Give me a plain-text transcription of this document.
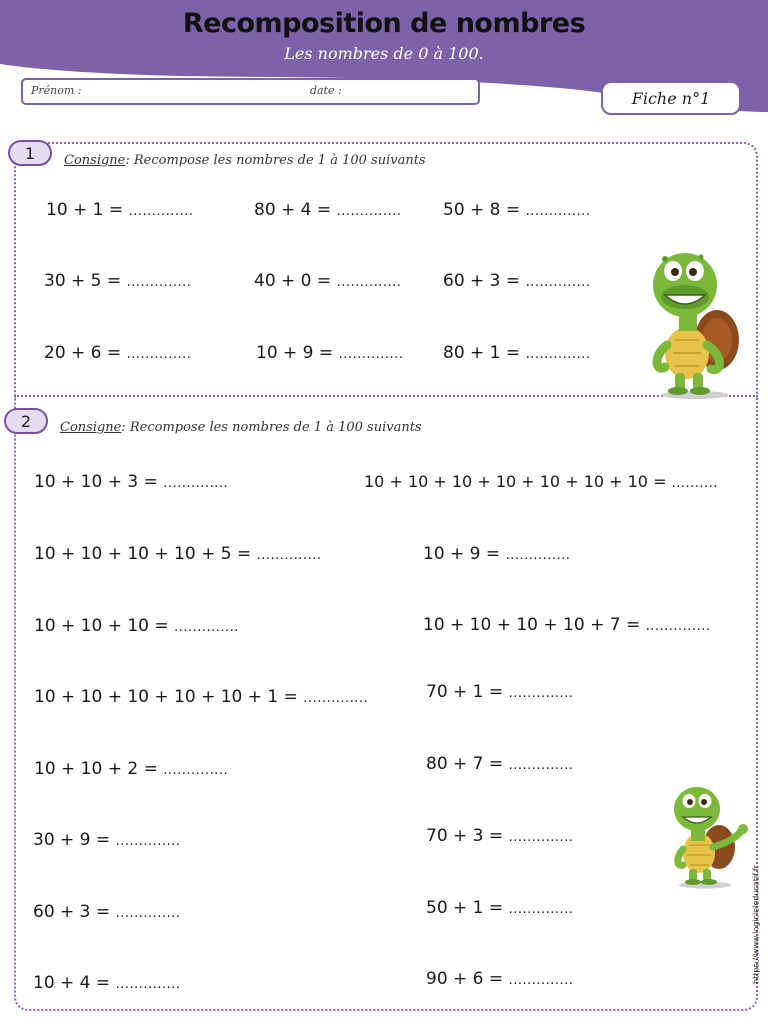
Recomposition de nombres
Les nombres de 0 à 100.
Prénom :	date :	Fiche n°1
1	Consigne: Recompose les nombres de 1 à 100 suivants
2	Consigne: Recompose les nombres de 1 à 100 suivants
10 + 1 = ..............	80 + 4 = .............. 50 + 8 = ..............
30 + 5 = ..............	40 + 0 = .............. 60 + 3 = ..............
20 + 6 = ..............	10 + 9 = .............. 80 + 1 = ..............
10 + 10 + 3 = ..............	10 + 10 + 10 + 10 + 10 + 10 + 10 = ..........
10 + 10 + 10 + 10 + 5 = ..............	10 + 9 = ..............
10 + 10 + 10 = ..............	10 + 10 + 10 + 10 + 7 = ..............
10 + 10 + 10 + 10 + 10 + 1 = ..............	70 + 1 = ..............
10 + 10 + 2 = ..............	80 + 7 = ..............
30 + 9 = ..............	70 + 3 = ..............
60 + 3 = ..............	50 + 1 = ..............
10 + 4 = ..............	90 + 6 = ..............	https://www.logicieleducatif.fr
